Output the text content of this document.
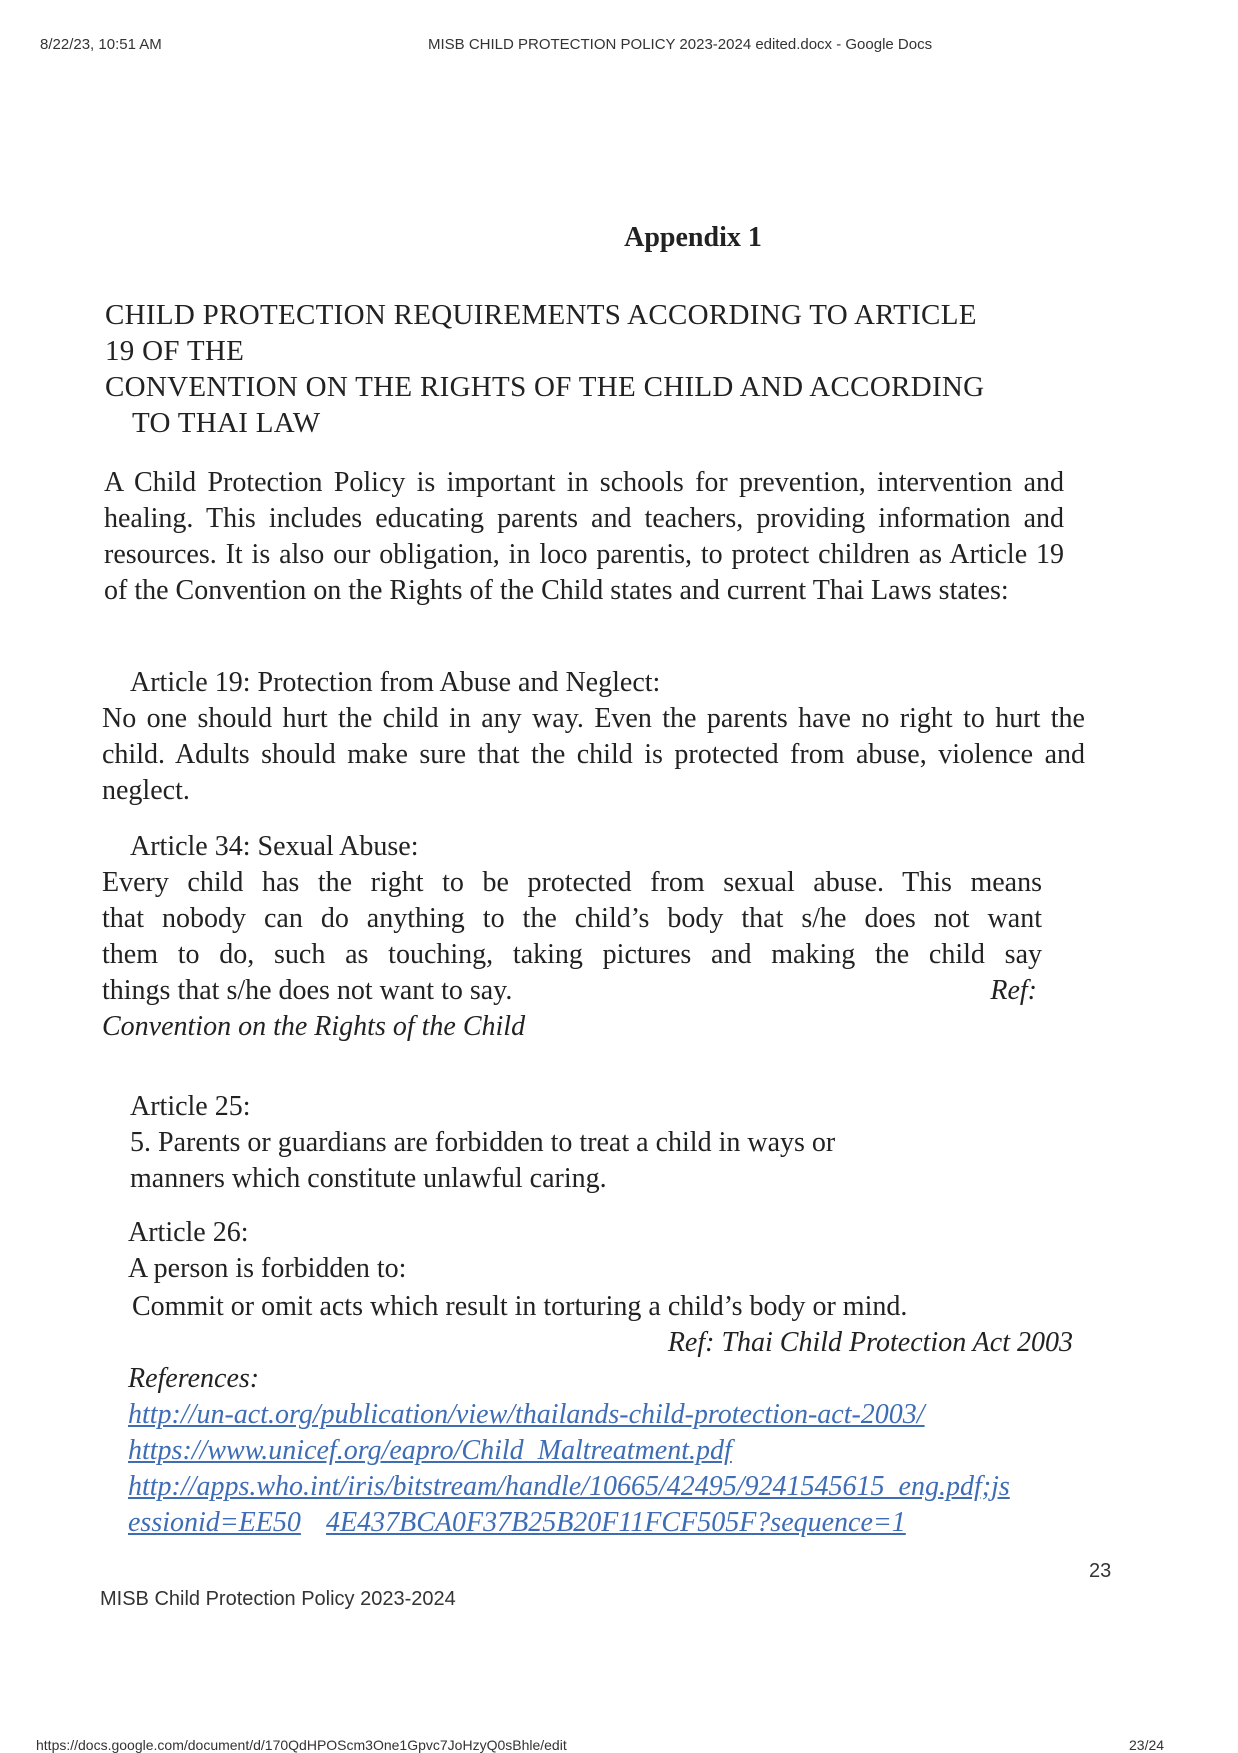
8/22/23, 10:51 AM	MISB CHILD PROTECTION POLICY 2023-2024 edited.docx - Google Docs
Appendix 1
CHILD PROTECTION REQUIREMENTS ACCORDING TO ARTICLE
19 OF THE
CONVENTION ON THE RIGHTS OF THE CHILD AND ACCORDING
TO THAI LAW
A Child Protection Policy is important in schools for prevention, intervention and healing. This includes educating parents and teachers, providing information and resources. It is also our obligation, in loco parentis, to protect children as Article 19 of the Convention on the Rights of the Child states and current Thai Laws states:
Article 19: Protection from Abuse and Neglect:
No one should hurt the child in any way. Even the parents have no right to hurt the child. Adults should make sure that the child is protected from abuse, violence and neglect.
Article 34: Sexual Abuse:
Every child has the right to be protected from sexual abuse. This means
that nobody can do anything to the child’s body that s/he does not want
them to do, such as touching, taking pictures and making the child say
things that s/he does not want to say.	Ref:
Convention on the Rights of the Child
Article 25:
5. Parents or guardians are forbidden to treat a child in ways or
manners which constitute unlawful caring.
Article 26:
A person is forbidden to:
Commit or omit acts which result in torturing a child’s body or mind.
Ref: Thai Child Protection Act 2003
References:
http://un-act.org/publication/view/thailands-child-protection-act-2003/
https://www.unicef.org/eapro/Child_Maltreatment.pdf
http://apps.who.int/iris/bitstream/handle/10665/42495/9241545615_eng.pdf;js
essionid=EE50 4E437BCA0F37B25B20F11FCF505F?sequence=1
23
MISB Child Protection Policy 2023-2024
https://docs.google.com/document/d/170QdHPOScm3One1Gpvc7JoHzyQ0sBhle/edit	23/24
